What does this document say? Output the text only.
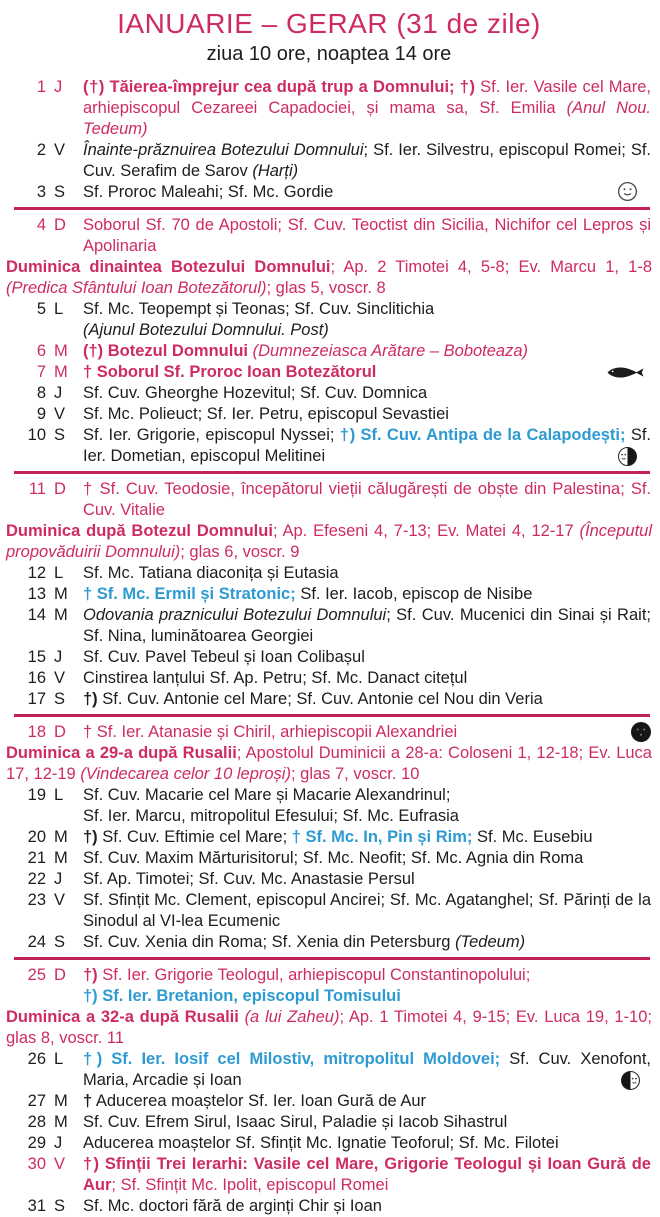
IANUARIE – GERAR (31 de zile)
ziua 10 ore, noaptea 14 ore
1 J	(†) Tăierea-împrejur cea după trup a Domnului; †) Sf. Ier. Vasile cel Mare, arhiepiscopul Cezareei Capadociei, și mama sa, Sf. Emilia (Anul Nou. Tedeum)
2 V	Înainte-prăznuirea Botezului Domnului; Sf. Ier. Silvestru, episcopul Romei; Sf. Cuv. Serafim de Sarov (Harți)
3 S	Sf. Proroc Maleahi; Sf. Mc. Gordie
4 D	Soborul Sf. 70 de Apostoli; Sf. Cuv. Teoctist din Sicilia, Nichifor cel Lepros și Apolinaria
Duminica dinaintea Botezului Domnului; Ap. 2 Timotei 4, 5-8; Ev. Marcu 1, 1-8 (Predica Sfântului Ioan Botezătorul); glas 5, voscr. 8
5 L	Sf. Mc. Teopempt și Teonas; Sf. Cuv. Sinclitichia
(Ajunul Botezului Domnului. Post)
6 M (†) Botezul Domnului (Dumnezeiasca Arătare – Boboteaza)
7 M † Soborul Sf. Proroc Ioan Botezătorul
8 J	Sf. Cuv. Gheorghe Hozevitul; Sf. Cuv. Domnica
9 V	Sf. Mc. Polieuct; Sf. Ier. Petru, episcopul Sevastiei
10 S	Sf. Ier. Grigorie, episcopul Nyssei; †) Sf. Cuv. Antipa de la Calapodești; Sf. Ier. Dometian, episcopul Melitinei
11 D	† Sf. Cuv. Teodosie, începătorul vieții călugărești de obște din Palestina; Sf. Cuv. Vitalie
Duminica după Botezul Domnului; Ap. Efeseni 4, 7-13; Ev. Matei 4, 12-17 (Începutul propovăduirii Domnului); glas 6, voscr. 9
12 L	Sf. Mc. Tatiana diaconița și Eutasia
13 M † Sf. Mc. Ermil și Stratonic; Sf. Ier. Iacob, episcop de Nisibe
14 M Odovania praznicului Botezului Domnului; Sf. Cuv. Mucenici din Sinai și Rait; Sf. Nina, luminătoarea Georgiei
15 J	Sf. Cuv. Pavel Tebeul și Ioan Colibașul
16 V	Cinstirea lanțului Sf. Ap. Petru; Sf. Mc. Danact citețul
17 S	†) Sf. Cuv. Antonie cel Mare; Sf. Cuv. Antonie cel Nou din Veria
18 D	† Sf. Ier. Atanasie și Chiril, arhiepiscopii Alexandriei
Duminica a 29-a după Rusalii; Apostolul Duminicii a 28-a: Coloseni 1, 12-18; Ev. Luca 17, 12-19 (Vindecarea celor 10 leproși); glas 7, voscr. 10
19 L	Sf. Cuv. Macarie cel Mare și Macarie Alexandrinul;
Sf. Ier. Marcu, mitropolitul Efesului; Sf. Mc. Eufrasia
20 M †) Sf. Cuv. Eftimie cel Mare; † Sf. Mc. In, Pin și Rim; Sf. Mc. Eusebiu
21 M Sf. Cuv. Maxim Mărturisitorul; Sf. Mc. Neofit; Sf. Mc. Agnia din Roma
22 J	Sf. Ap. Timotei; Sf. Cuv. Mc. Anastasie Persul
23 V	Sf. Sfințit Mc. Clement, episcopul Ancirei; Sf. Mc. Agatanghel; Sf. Părinți de la Sinodul al VI-lea Ecumenic
24 S	Sf. Cuv. Xenia din Roma; Sf. Xenia din Petersburg (Tedeum)
25 D	†) Sf. Ier. Grigorie Teologul, arhiepiscopul Constantinopolului;
†) Sf. Ier. Bretanion, episcopul Tomisului
Duminica a 32-a după Rusalii (a lui Zaheu); Ap. 1 Timotei 4, 9-15; Ev. Luca 19, 1-10; glas 8, voscr. 11
26 L	†) Sf. Ier. Iosif cel Milostiv, mitropolitul Moldovei; Sf. Cuv. Xenofont, Maria, Arcadie și Ioan
27 M † Aducerea moaștelor Sf. Ier. Ioan Gură de Aur
28 M Sf. Cuv. Efrem Sirul, Isaac Sirul, Paladie și Iacob Sihastrul
29 J	Aducerea moaștelor Sf. Sfințit Mc. Ignatie Teoforul; Sf. Mc. Filotei
30 V	†) Sfinții Trei Ierarhi: Vasile cel Mare, Grigorie Teologul și Ioan Gură de Aur; Sf. Sfințit Mc. Ipolit, episcopul Romei
31 S	Sf. Mc. doctori fără de arginți Chir și Ioan
